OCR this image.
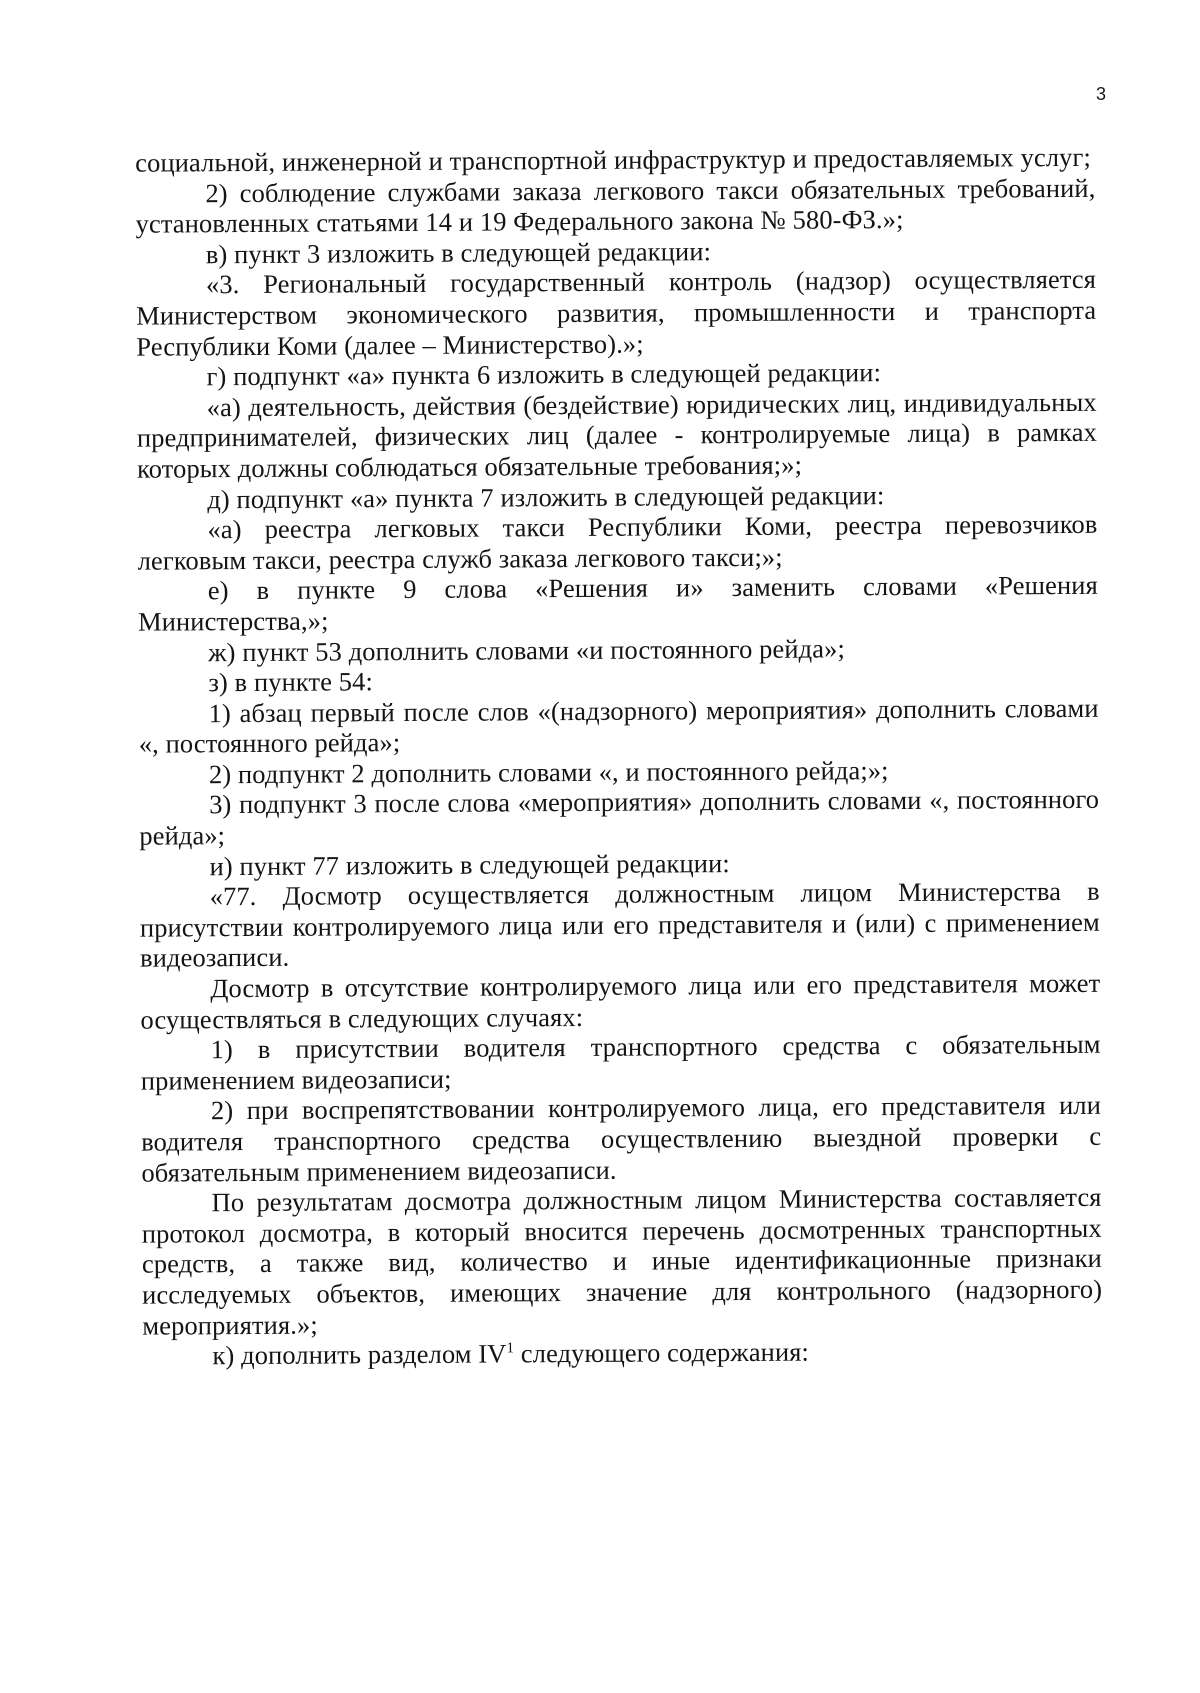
3

социальной, инженерной и транспортной инфраструктур и предоставляемых услуг;

2) соблюдение службами заказа легкового такси обязательных требований, установленных статьями 14 и 19 Федерального закона № 580-ФЗ.»;

в) пункт 3 изложить в следующей редакции:

«3. Региональный государственный контроль (надзор) осуществляется Министерством экономического развития, промышленности и транспорта Республики Коми (далее – Министерство).»;

г) подпункт «а» пункта 6 изложить в следующей редакции:

«а) деятельность, действия (бездействие) юридических лиц, индивидуальных предпринимателей, физических лиц (далее - контролируемые лица) в рамках которых должны соблюдаться обязательные требования;»;

д) подпункт «а» пункта 7 изложить в следующей редакции:

«а) реестра легковых такси Республики Коми, реестра перевозчиков легковым такси, реестра служб заказа легкового такси;»;

е) в пункте 9 слова «Решения и» заменить словами «Решения Министерства,»;

ж) пункт 53 дополнить словами «и постоянного рейда»;

з) в пункте 54:

1) абзац первый после слов «(надзорного) мероприятия» дополнить словами «, постоянного рейда»;

2) подпункт 2 дополнить словами «, и постоянного рейда;»;

3) подпункт 3 после слова «мероприятия» дополнить словами «, постоянного рейда»;

и) пункт 77 изложить в следующей редакции:

«77. Досмотр осуществляется должностным лицом Министерства в присутствии контролируемого лица или его представителя и (или) с применением видеозаписи.

Досмотр в отсутствие контролируемого лица или его представителя может осуществляться в следующих случаях:

1) в присутствии водителя транспортного средства с обязательным применением видеозаписи;

2) при воспрепятствовании контролируемого лица, его представителя или водителя транспортного средства осуществлению выездной проверки с обязательным применением видеозаписи.

По результатам досмотра должностным лицом Министерства составляется протокол досмотра, в который вносится перечень досмотренных транспортных средств, а также вид, количество и иные идентификационные признаки исследуемых объектов, имеющих значение для контрольного (надзорного) мероприятия.»;

к) дополнить разделом $IV^1$ следующего содержания:
